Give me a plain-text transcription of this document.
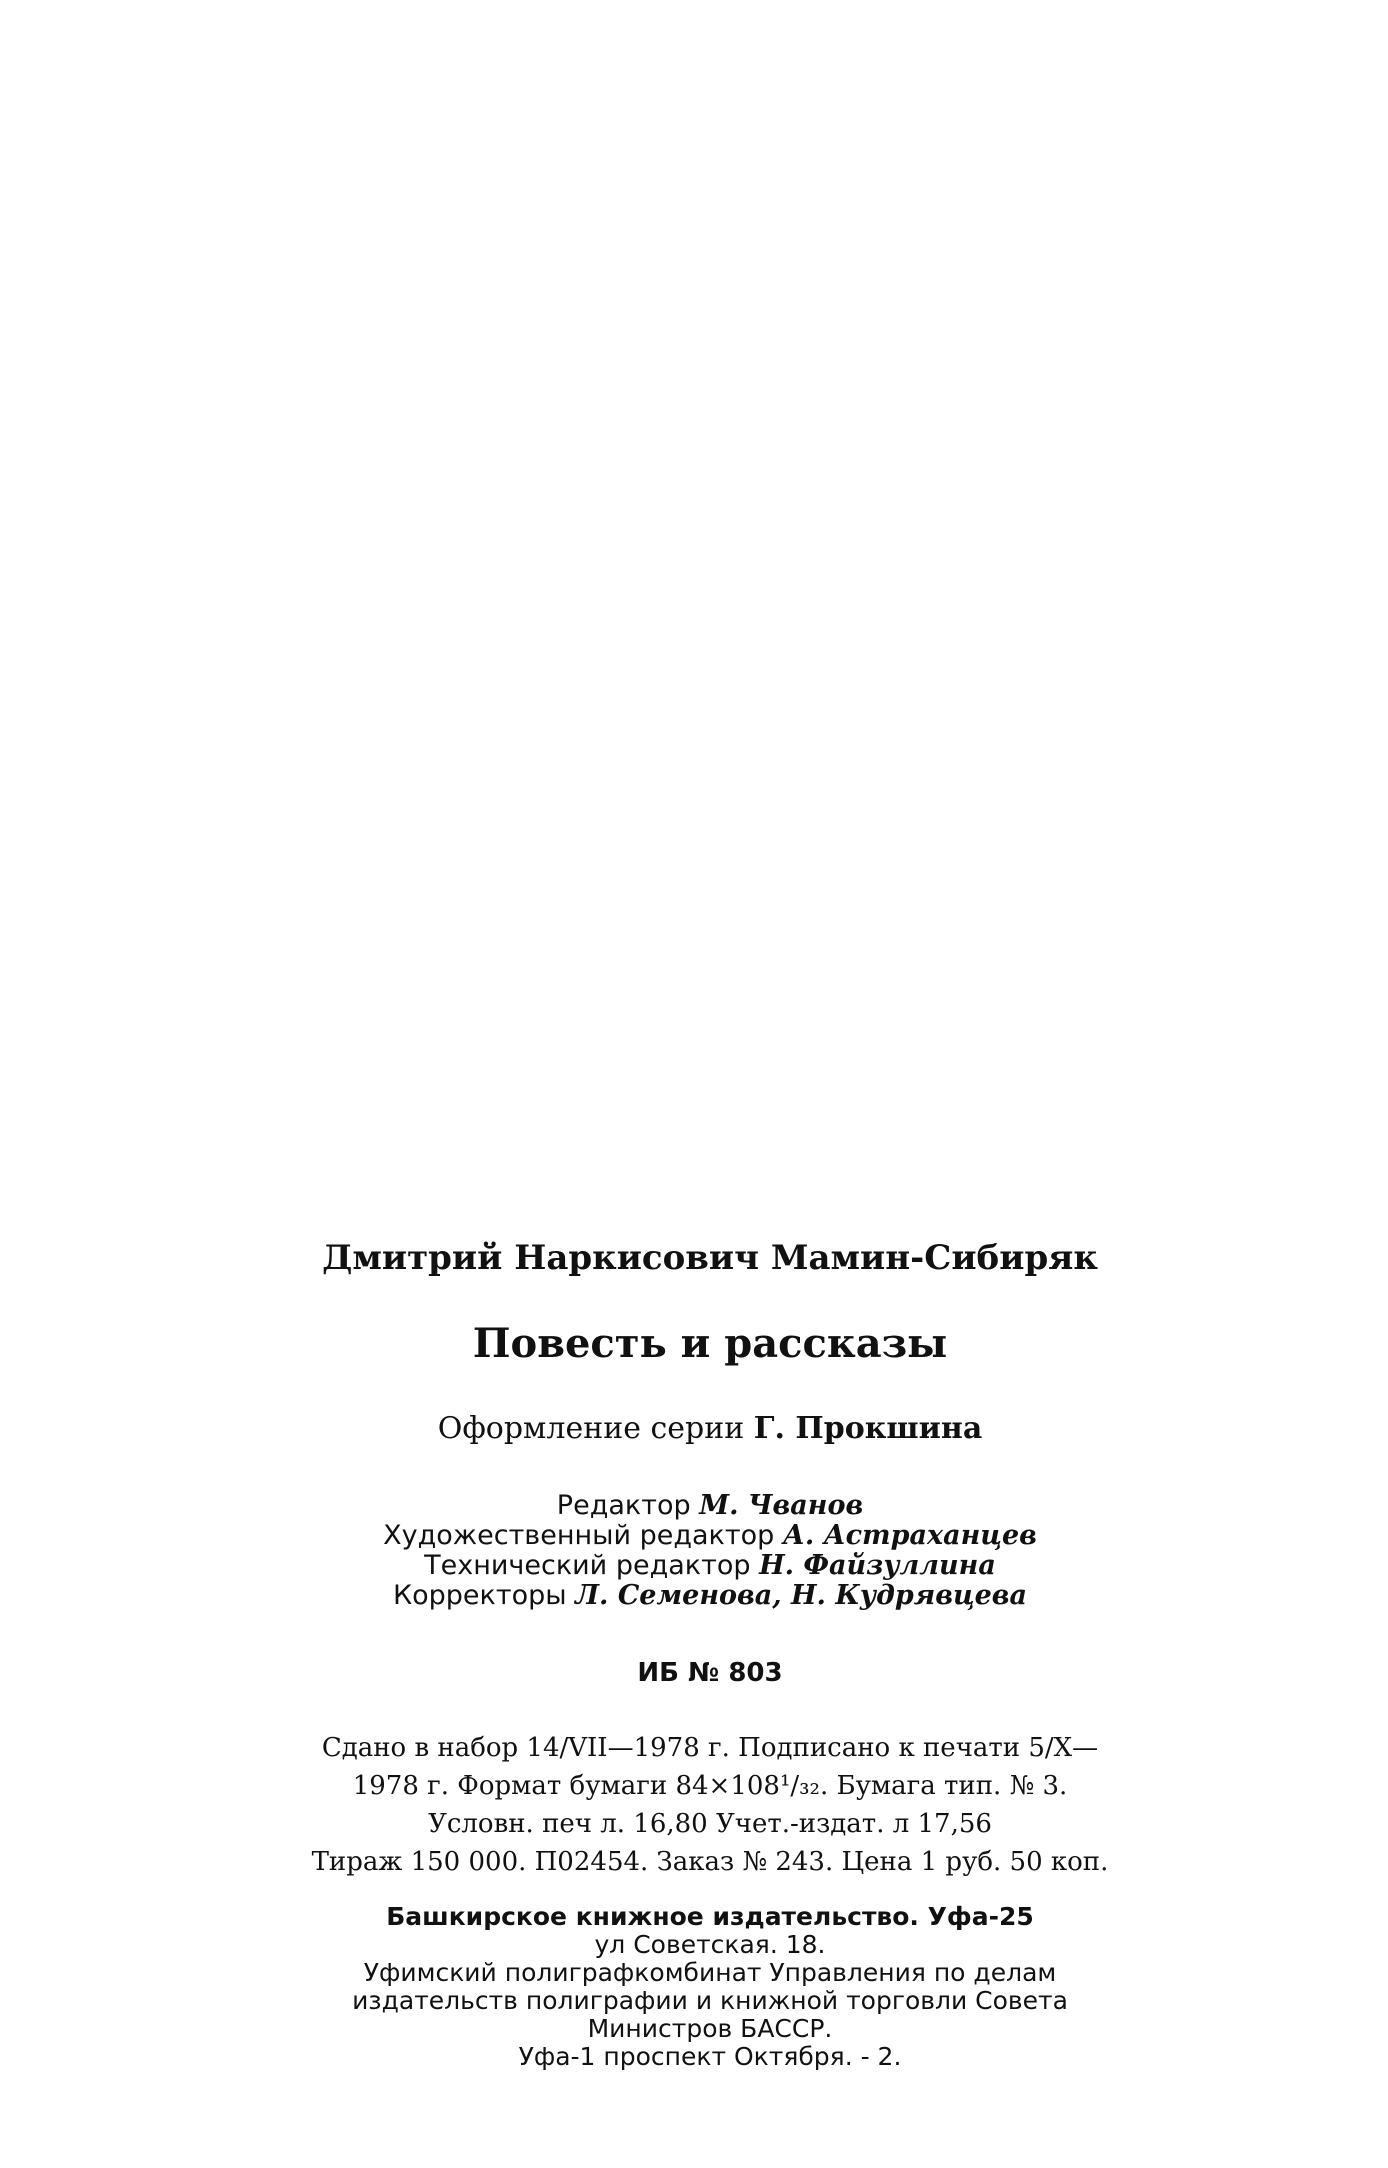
Дмитрий Наркисович Мамин-Сибиряк
Повесть и рассказы
Оформление серии Г. Прокшина
Редактор М. Чванов
Художественный редактор А. Астраханцев
Технический редактор Н. Файзуллина
Корректоры Л. Семенова, Н. Кудрявцева
ИБ № 803
Сдано в набор 14/VII—1978 г. Подписано к печати 5/X—
1978 г. Формат бумаги 84×108¹/₃₂. Бумага тип. № 3.
Условн. печ л. 16,80 Учет.-издат. л 17,56
Тираж 150 000. П02454. Заказ № 243. Цена 1 руб. 50 коп.
Башкирское книжное издательство. Уфа-25
ул Советская. 18.
Уфимский полиграфкомбинат Управления по делам
издательств полиграфии и книжной торговли Совета
Министров БАССР.
Уфа-1 проспект Октября. - 2.
